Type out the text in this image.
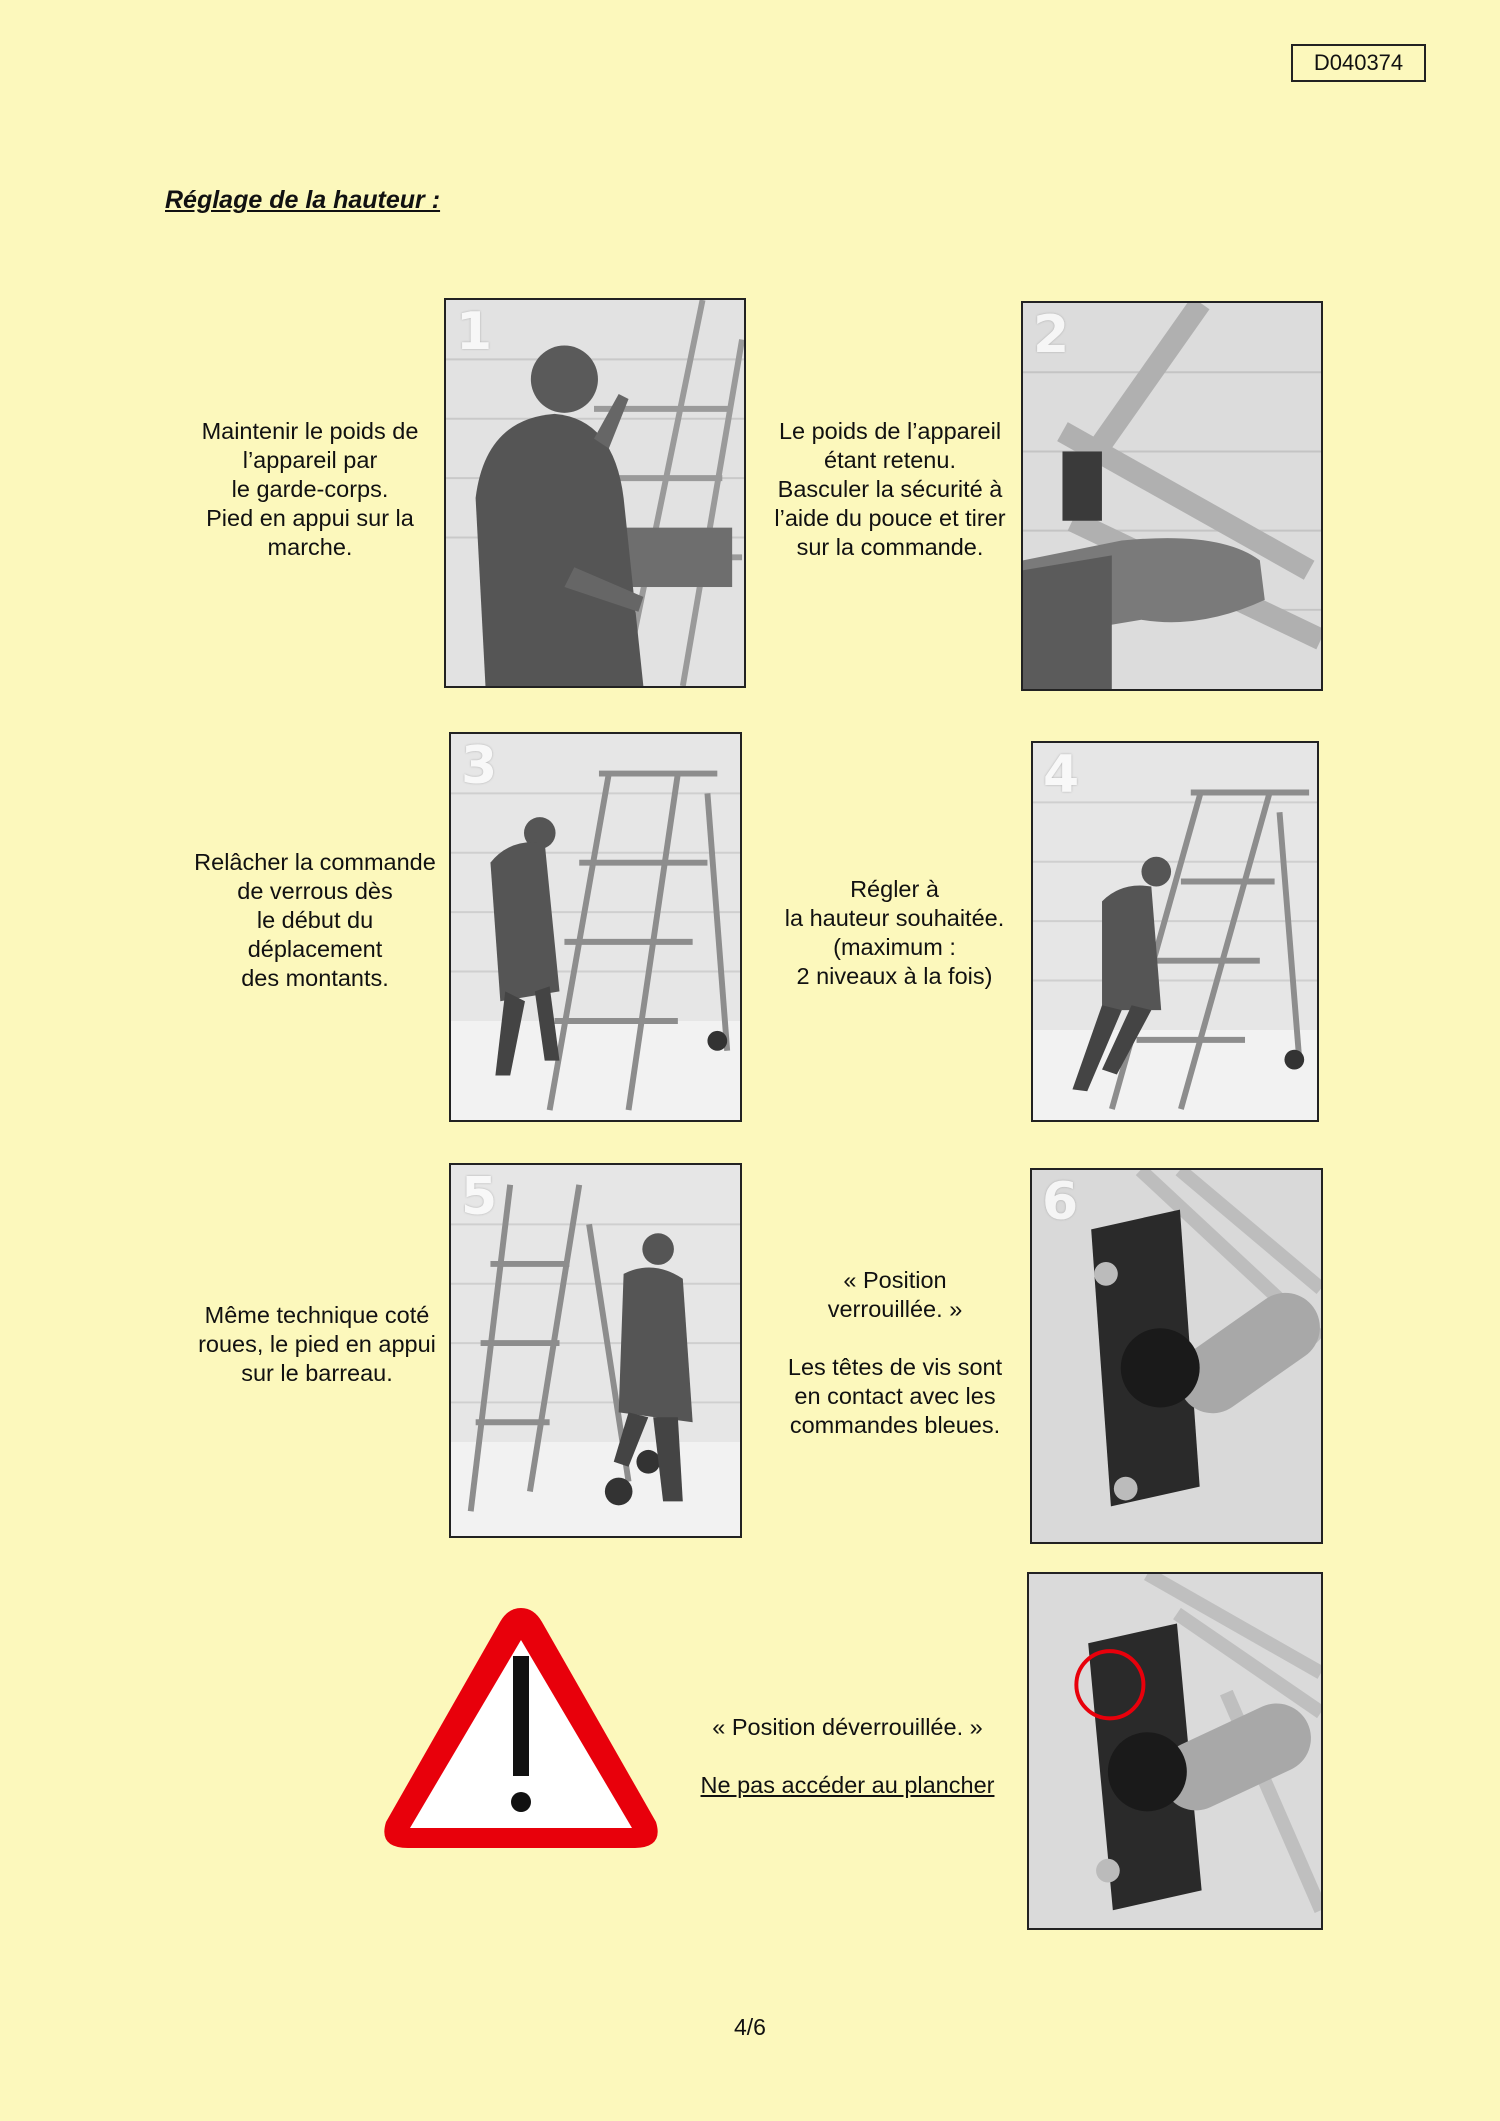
D040374
Réglage de la hauteur :
Maintenir le poids de
l’appareil par
le garde-corps.
Pied en appui sur la
marche.
1
Le poids de l’appareil
étant retenu.
Basculer la sécurité à
l’aide du pouce et tirer
sur la commande.
2
Relâcher la commande
de verrous dès
le début du
déplacement
des montants.
3
Régler à
la hauteur souhaitée.
(maximum :
2 niveaux à la fois)
4
Même technique coté
roues, le pied en appui
sur le barreau.
5
« Position
verrouillée. »
Les têtes de vis sont
en contact avec les
commandes bleues.
6
« Position déverrouillée. »
Ne pas accéder au plancher
4/6
